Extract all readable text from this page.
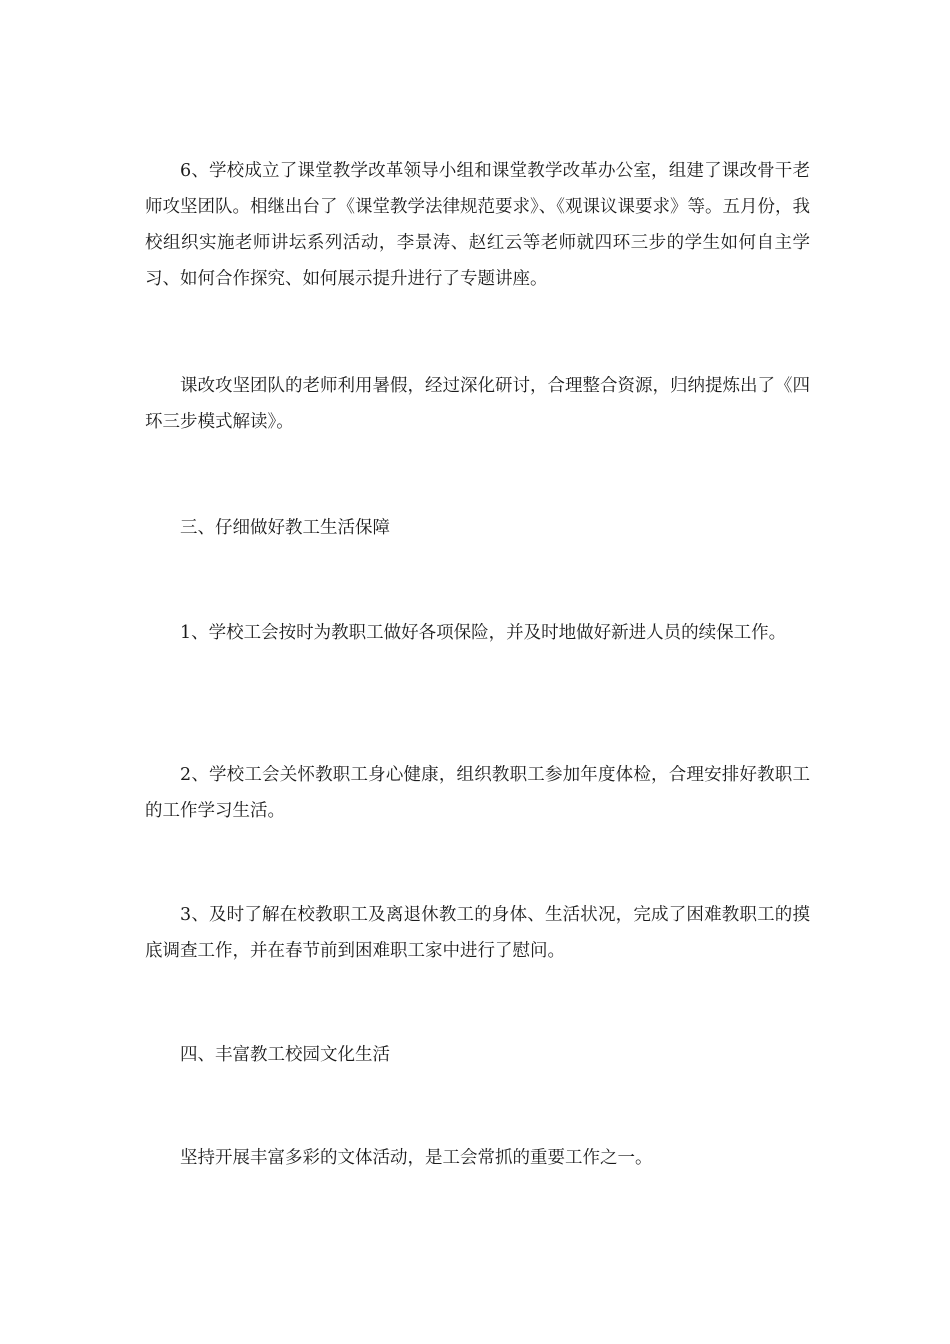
6、学校成立了课堂教学改革领导小组和课堂教学改革办公室，组建了课改骨干老师攻坚团队。相继出台了《课堂教学法律规范要求》、《观课议课要求》等。五月份，我校组织实施老师讲坛系列活动，李景涛、赵红云等老师就四环三步的学生如何自主学习、如何合作探究、如何展示提升进行了专题讲座。

课改攻坚团队的老师利用暑假，经过深化研讨，合理整合资源，归纳提炼出了《四环三步模式解读》。

三、仔细做好教工生活保障

1、学校工会按时为教职工做好各项保险，并及时地做好新进人员的续保工作。

2、学校工会关怀教职工身心健康，组织教职工参加年度体检，合理安排好教职工的工作学习生活。

3、及时了解在校教职工及离退休教工的身体、生活状况，完成了困难教职工的摸底调查工作，并在春节前到困难职工家中进行了慰问。

四、丰富教工校园文化生活

坚持开展丰富多彩的文体活动，是工会常抓的重要工作之一。
